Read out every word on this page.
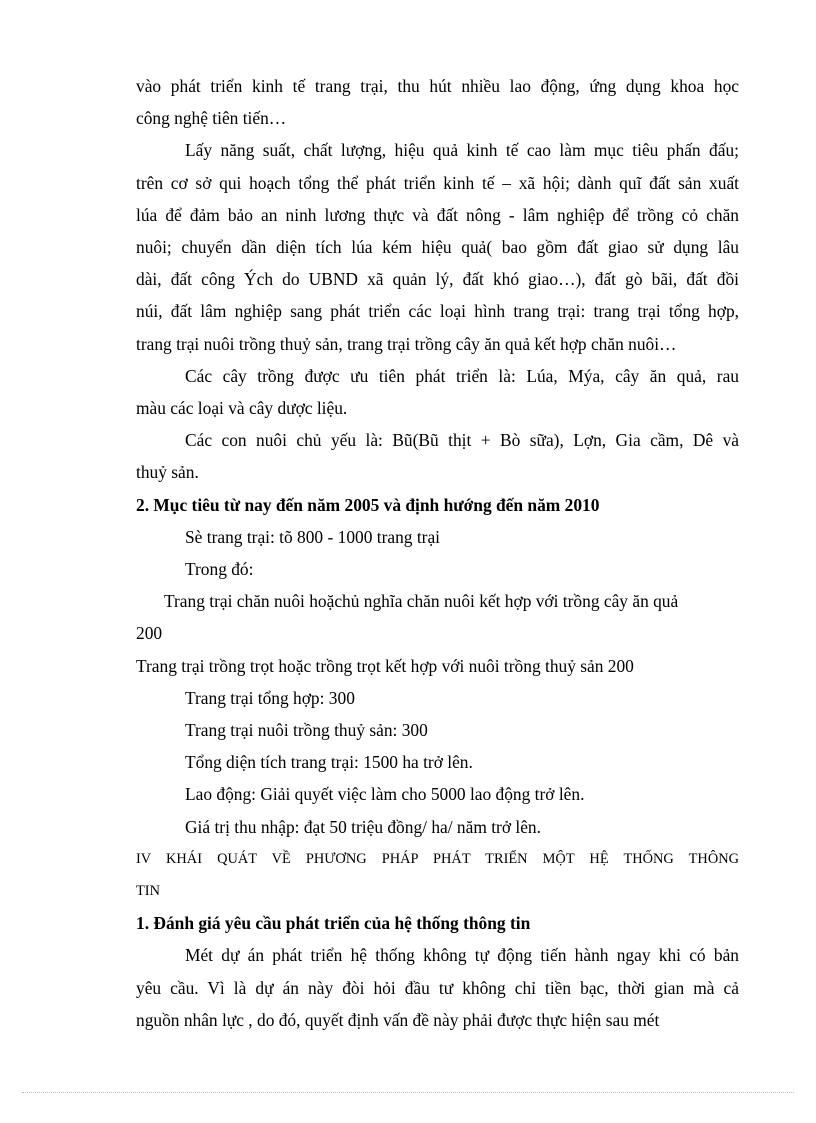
vào phát triển kinh tế trang trại, thu hút nhiều lao động, ứng dụng khoa học

công nghệ tiên tiến…

Lấy năng suất, chất lượng, hiệu quả kinh tế cao làm mục tiêu phấn đấu;

trên cơ sở qui hoạch tổng thể phát triển kinh tế – xã hội; dành quĩ đất sản xuất

lúa để đảm bảo an ninh lương thực và đất nông - lâm nghiệp để trồng cỏ chăn

nuôi; chuyển dần diện tích lúa kém hiệu quả( bao gồm đất giao sử dụng lâu

dài, đất công Ých do UBND xã quản lý, đất khó giao…), đất gò bãi, đất đồi

núi, đất lâm nghiệp sang phát triển các loại hình trang trại: trang trại tổng hợp,

trang trại nuôi trồng thuỷ sản, trang trại trồng cây ăn quả kết hợp chăn nuôi…

Các cây trồng được ưu tiên phát triển là: Lúa, Mýa, cây ăn quả, rau

màu các loại và cây dược liệu.

Các con nuôi chủ yếu là: Bũ(Bũ thịt + Bò sữa), Lợn, Gia cầm, Dê và

thuỷ sản.

2. Mục tiêu từ nay đến năm 2005 và định hướng đến năm 2010

Sè trang trại: tõ 800 - 1000 trang trại

Trong đó:

Trang trại chăn nuôi hoặchủ nghĩa chăn nuôi kết hợp với trồng cây ăn quả

200

Trang trại trồng trọt hoặc trồng trọt kết hợp với nuôi trồng thuỷ sản 200

Trang trại tổng hợp: 300

Trang trại nuôi trồng thuỷ sản: 300

Tổng diện tích trang trại: 1500 ha trở lên.

Lao động: Giải quyết việc làm cho 5000 lao động trở lên.

Giá trị thu nhập: đạt 50 triệu đồng/ ha/ năm trở lên.

IV KHÁI QUÁT VỀ PHƯƠNG PHÁP PHÁT TRIỂN MỘT HỆ THỐNG THÔNG

TIN

1. Đánh giá yêu cầu phát triển của hệ thống thông tin

Mét dự án phát triển hệ thống không tự động tiến hành ngay khi có bản

yêu cầu. Vì là dự án này đòi hỏi đầu tư không chỉ tiền bạc, thời gian mà cả

nguồn nhân lực , do đó, quyết định vấn đề này phải được thực hiện sau mét
